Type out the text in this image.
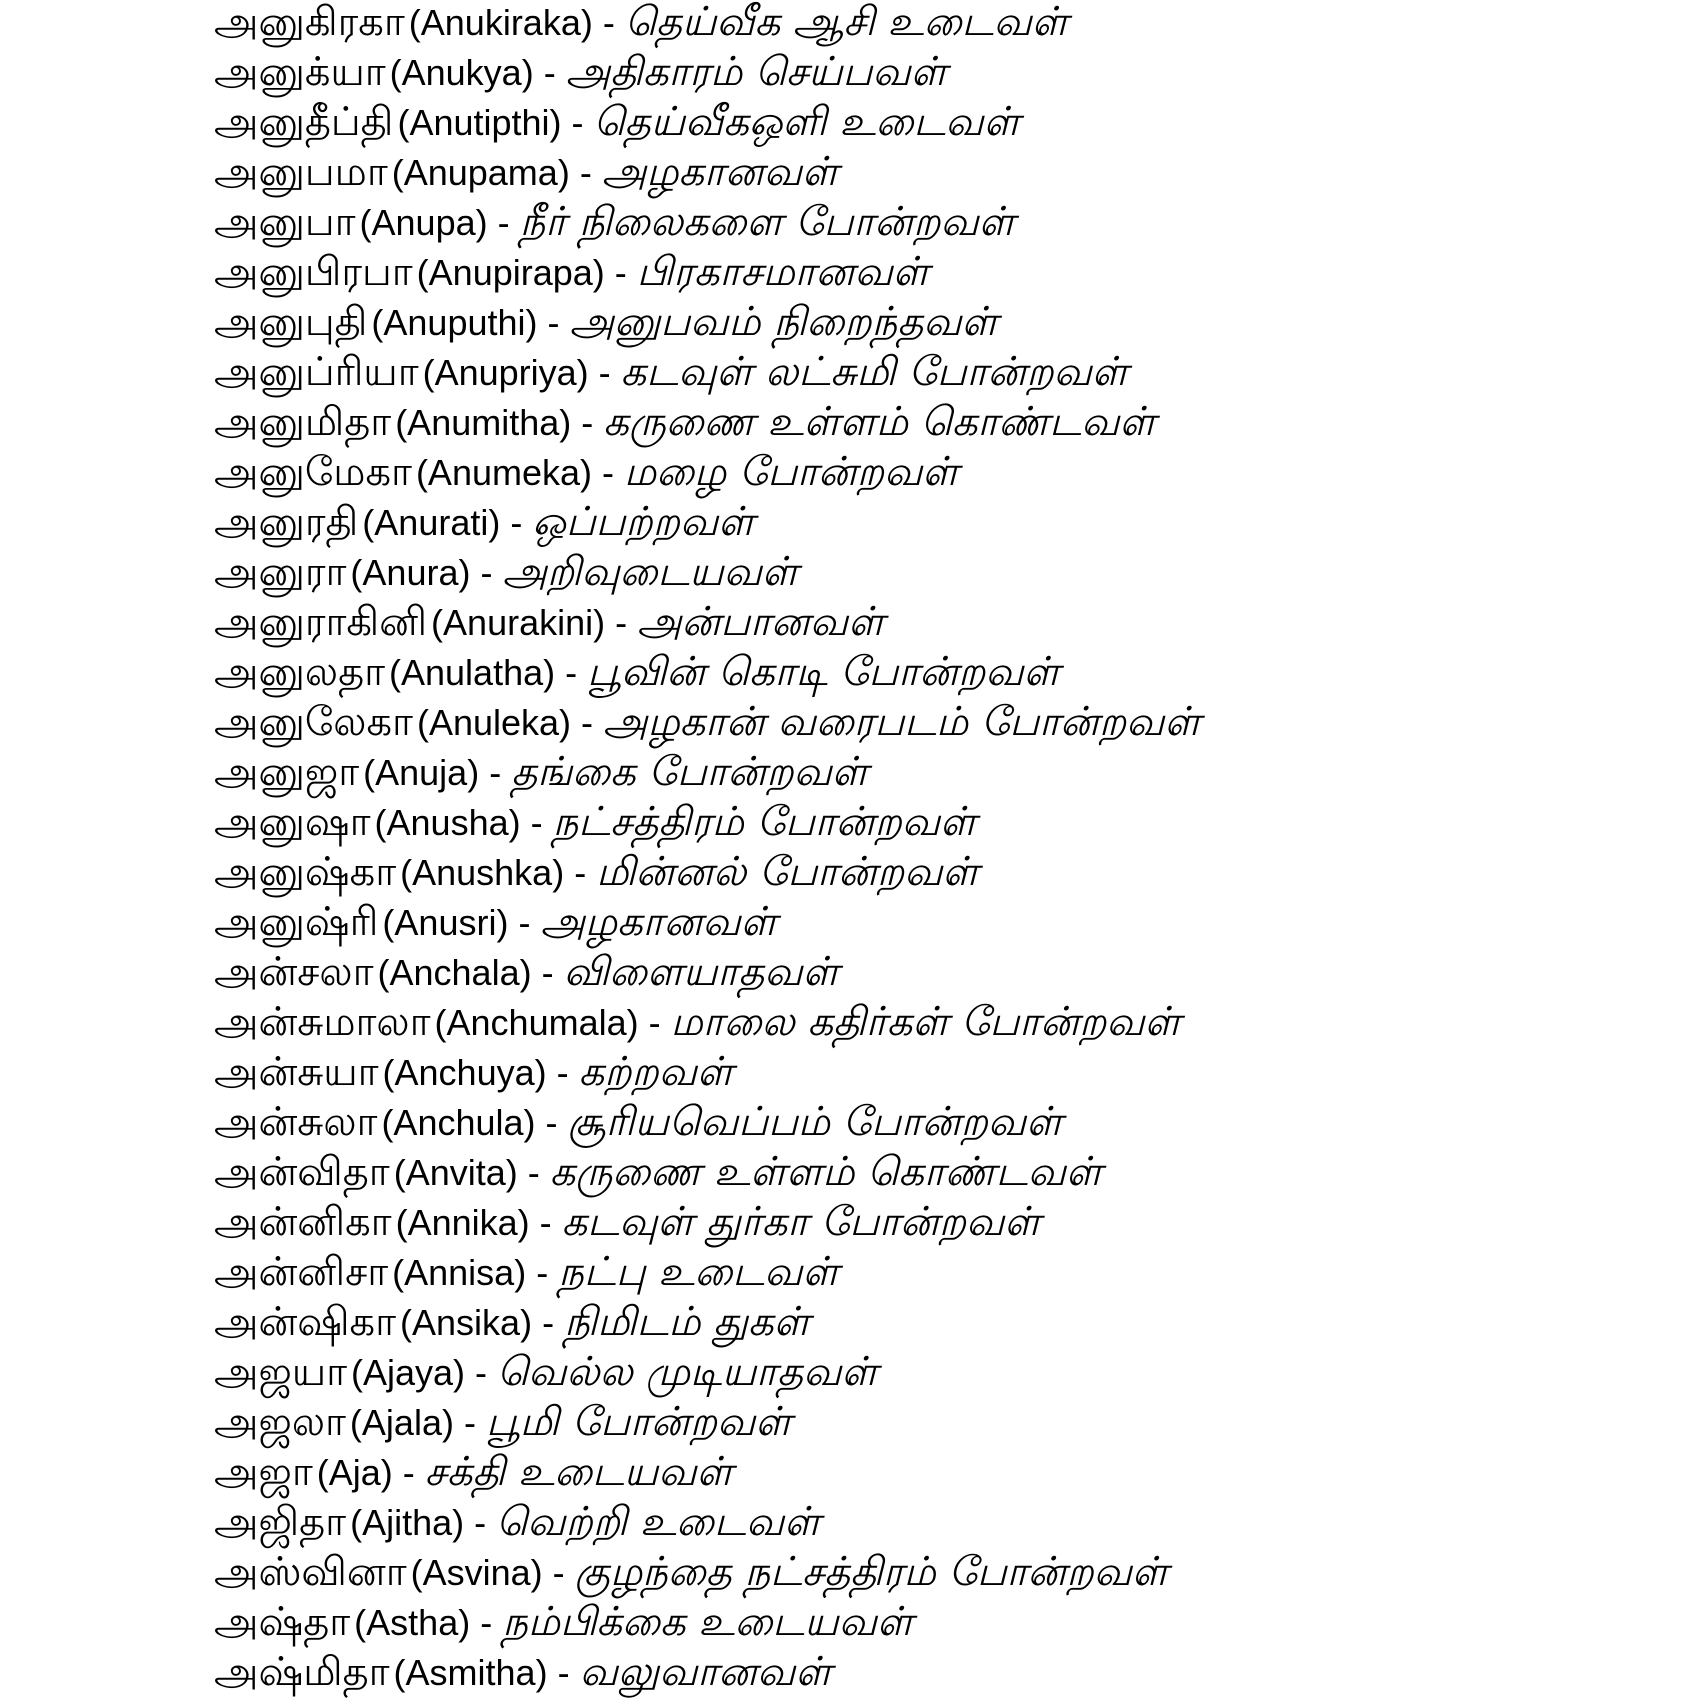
அனுகிரகா (Anukiraka) - தெய்வீக ஆசி உடைவள்
அனுக்யா (Anukya) - அதிகாரம் செய்பவள்
அனுதீப்தி (Anutipthi) - தெய்வீகஒளி உடைவள்
அனுபமா (Anupama) - அழகானவள்
அனுபா (Anupa) - நீர் நிலைகளை போன்றவள்
அனுபிரபா (Anupirapa) - பிரகாசமானவள்
அனுபுதி (Anuputhi) - அனுபவம் நிறைந்தவள்
அனுப்ரியா (Anupriya) - கடவுள் லட்சுமி போன்றவள்
அனுமிதா (Anumitha) - கருணை உள்ளம் கொண்டவள்
அனுமேகா (Anumeka) - மழை போன்றவள்
அனுரதி (Anurati) - ஒப்பற்றவள்
அனுரா (Anura) - அறிவுடையவள்
அனுராகினி (Anurakini) - அன்பானவள்
அனுலதா (Anulatha) - பூவின் கொடி போன்றவள்
அனுலேகா (Anuleka) - அழகான் வரைபடம் போன்றவள்
அனுஜா (Anuja) - தங்கை போன்றவள்
அனுஷா (Anusha) - நட்சத்திரம் போன்றவள்
அனுஷ்கா (Anushka) - மின்னல் போன்றவள்
அனுஷ்ரி (Anusri) - அழகானவள்
அன்சலா (Anchala) - விளையாதவள்
அன்சுமாலா (Anchumala) - மாலை கதிர்கள் போன்றவள்
அன்சுயா (Anchuya) - கற்றவள்
அன்சுலா (Anchula) - சூரியவெப்பம் போன்றவள்
அன்விதா (Anvita) - கருணை உள்ளம் கொண்டவள்
அன்னிகா (Annika) - கடவுள் துர்கா போன்றவள்
அன்னிசா (Annisa) - நட்பு உடைவள்
அன்ஷிகா (Ansika) - நிமிடம் துகள்
அஜயா (Ajaya) - வெல்ல முடியாதவள்
அஜலா (Ajala) - பூமி போன்றவள்
அஜா (Aja) - சக்தி உடையவள்
அஜிதா (Ajitha) - வெற்றி உடைவள்
அஸ்வினா (Asvina) - குழந்தை நட்சத்திரம் போன்றவள்
அஷ்தா (Astha) - நம்பிக்கை உடையவள்
அஷ்மிதா (Asmitha) - வலுவானவள்
